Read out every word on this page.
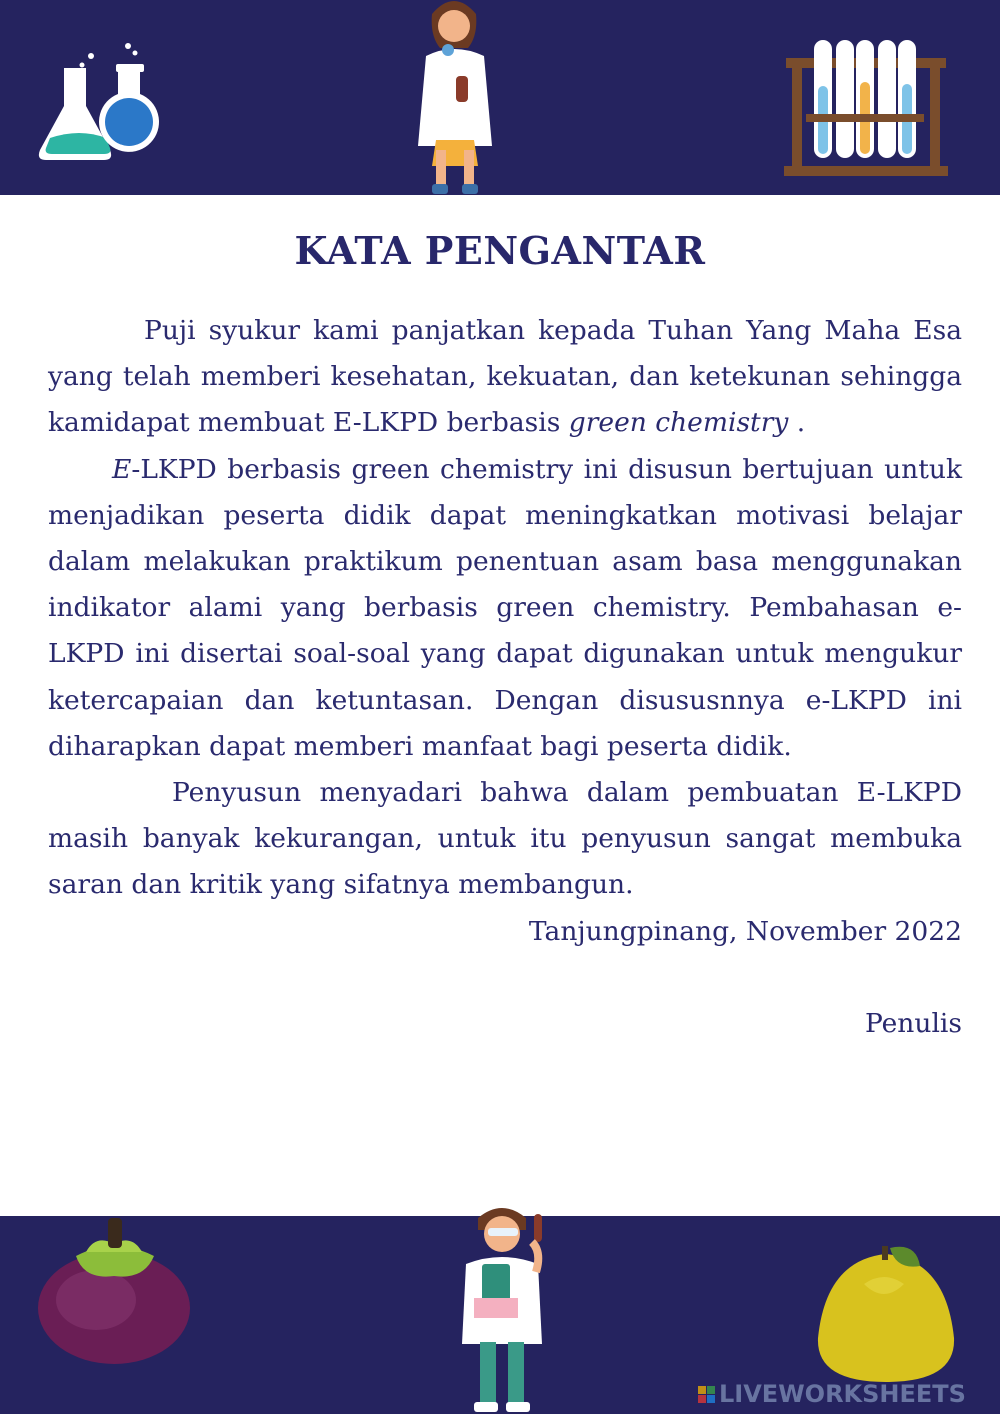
KATA PENGANTAR

Puji syukur kami panjatkan kepada Tuhan Yang Maha Esa yang telah memberi kesehatan, kekuatan, dan ketekunan sehingga kamidapat membuat E-LKPD berbasis green chemistry .

E-LKPD berbasis green chemistry ini disusun bertujuan untuk menjadikan peserta didik dapat meningkatkan motivasi belajar dalam melakukan praktikum penentuan asam basa menggunakan indikator alami yang berbasis green chemistry. Pembahasan e-LKPD ini disertai soal-soal yang dapat digunakan untuk mengukur ketercapaian dan ketuntasan. Dengan disususnnya e-LKPD ini diharapkan dapat memberi manfaat bagi peserta didik.

Penyusun menyadari bahwa dalam pembuatan E-LKPD masih banyak kekurangan, untuk itu penyusun sangat membuka saran dan kritik yang sifatnya membangun.

Tanjungpinang, November 2022

Penulis

LIVEWORKSHEETS
